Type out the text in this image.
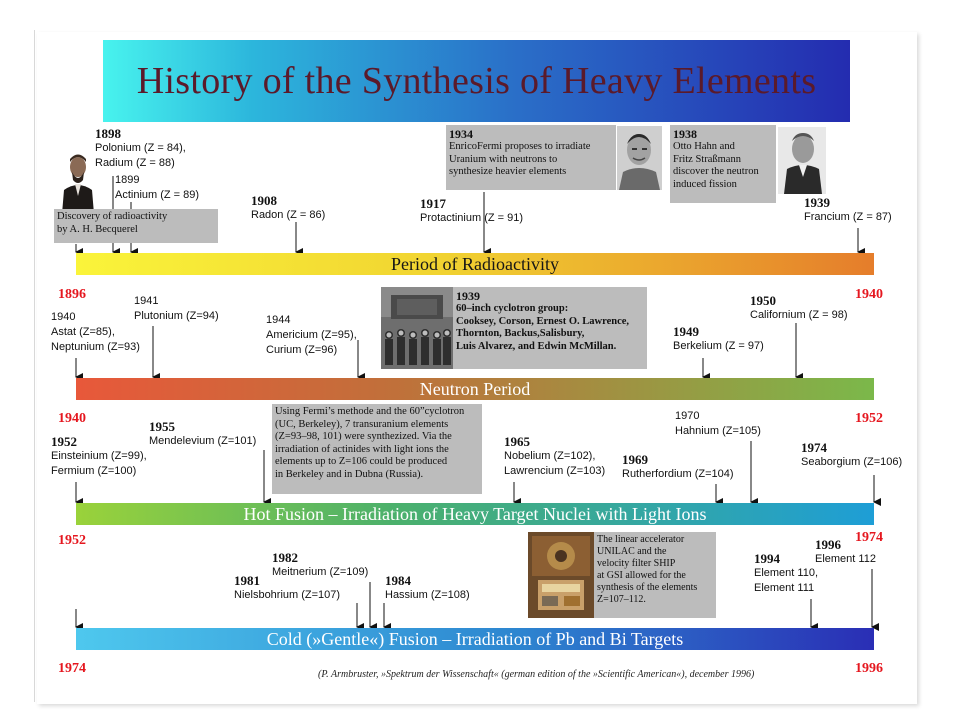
History of the Synthesis of Heavy Elements
Period of Radioactivity
Neutron Period
Hot Fusion – Irradiation of Heavy Target Nuclei with Light Ions
Cold (»Gentle«) Fusion – Irradiation of Pb and Bi Targets
1896	1940
1940	1952
1952	1974
1974	1996
1898
Polonium (Z = 84),
Radium (Z = 88)
1899
Actinium (Z = 89)
Discovery of radioactivity
by A. H. Becquerel
1908
Radon (Z = 86)
1934
EnricoFermi proposes to irradiate
Uranium with neutrons to
synthesize heavier elements
1917
Protactinium (Z = 91)
1938
Otto Hahn and
Fritz Straßmann
discover the neutron
induced fission
1939
Francium (Z = 87)
1940
Astat (Z=85),
Neptunium (Z=93)
1941
Plutonium (Z=94)	1944
Americium (Z=95),
Curium (Z=96)
1939
60–inch cyclotron group:
Cooksey, Corson, Ernest O. Lawrence,
Thornton, Backus,Salisbury,
Luis Alvarez, and Edwin McMillan.
1949
Berkelium (Z = 97)
1950
Californium (Z = 98)
1952
Einsteinium (Z=99),
Fermium (Z=100)
1955
Mendelevium (Z=101)
Using Fermi’s methode and the 60”cyclotron
(UC, Berkeley), 7 transuranium elements
(Z=93–98, 101) were synthezized. Via the
irradiation of actinides with light ions the
elements up to Z=106 could be produced
in Berkeley and in Dubna (Russia).
1965
Nobelium (Z=102),
Lawrencium (Z=103)
1969
Rutherfordium (Z=104)
1970
Hahnium (Z=105)
1974
Seaborgium (Z=106)
1981
Nielsbohrium (Z=107)
1982
Meitnerium (Z=109)
1984
Hassium (Z=108)
The linear accelerator
UNILAC and the
velocity filter SHIP
at GSI allowed for the
synthesis of the elements
Z=107–112.
1994
Element 110,
Element 111
1996
Element 112
(P. Armbruster, »Spektrum der Wissenschaft« (german edition of the »Scientific American«), december 1996)
